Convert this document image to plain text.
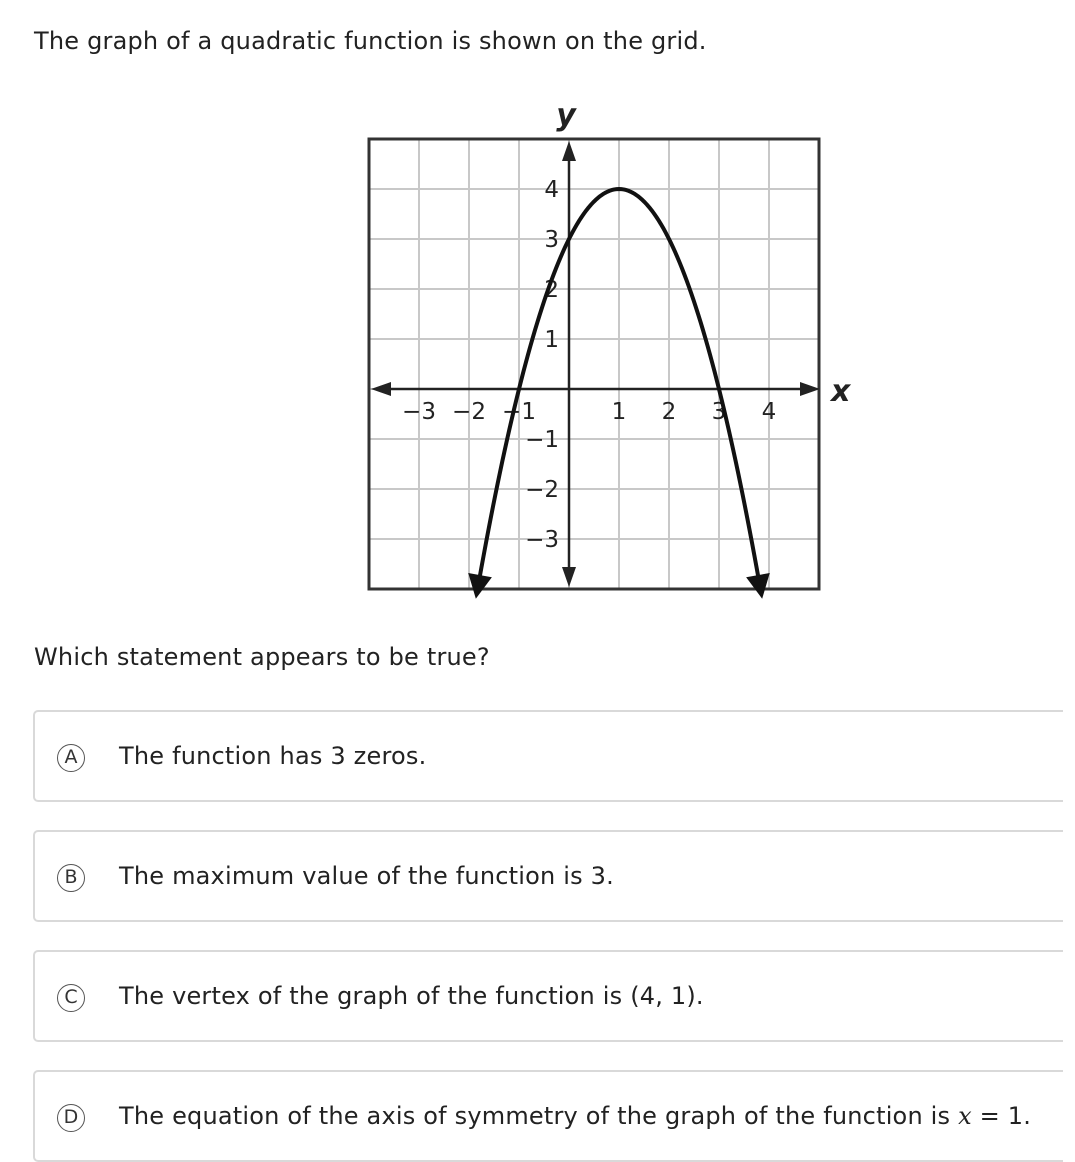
The graph of a quadratic function is shown on the grid.

x
y
−3 −2 −1	1 2 3 4
4
3
2
1
−1
−2
−3

Which statement appears to be true?

A	The function has 3 zeros.
B	The maximum value of the function is 3.
C	The vertex of the graph of the function is (4, 1).
D The equation of the axis of symmetry of the graph of the function is x = 1.
